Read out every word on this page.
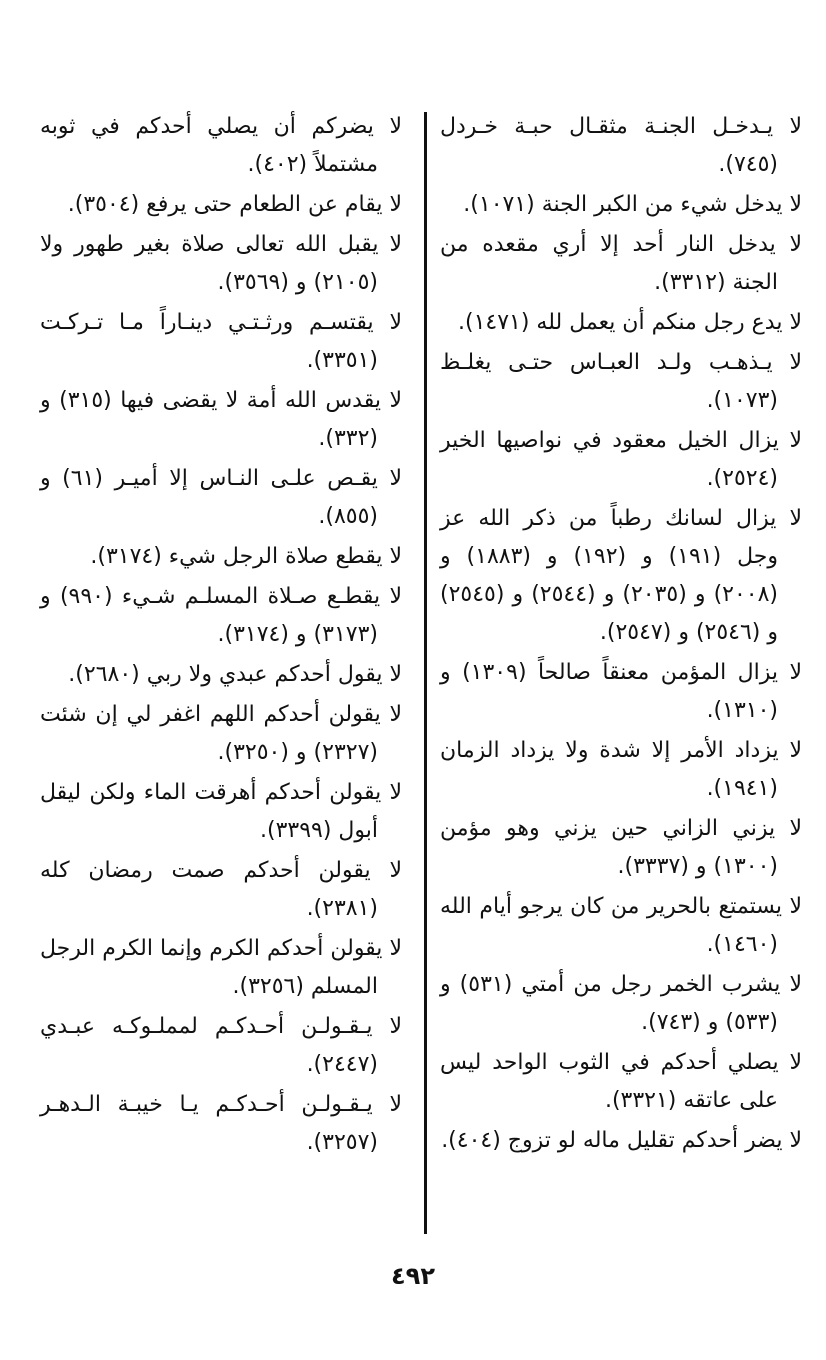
لا يـدخـل الجنـة مثقـال حبـة خـردل (٧٤٥).

لا يدخل شيء من الكبر الجنة (١٠٧١).

لا يدخل النار أحد إلا أري مقعده من الجنة (٣٣١٢).

لا يدع رجل منكم أن يعمل لله (١٤٧١).

لا يـذهـب ولـد العبـاس حتـى يغلـظ (١٠٧٣).

لا يزال الخيل معقود في نواصيها الخير (٢٥٢٤).

لا يزال لسانك رطباً من ذكر الله عز وجل (١٩١) و (١٩٢) و (١٨٨٣) و (٢٠٠٨) و (٢٠٣٥) و (٢٥٤٤) و (٢٥٤٥) و (٢٥٤٦) و (٢٥٤٧).

لا يزال المؤمن معنقاً صالحاً (١٣٠٩) و (١٣١٠).

لا يزداد الأمر إلا شدة ولا يزداد الزمان (١٩٤١).

لا يزني الزاني حين يزني وهو مؤمن (١٣٠٠) و (٣٣٣٧).

لا يستمتع بالحرير من كان يرجو أيام الله (١٤٦٠).

لا يشرب الخمر رجل من أمتي (٥٣١) و (٥٣٣) و (٧٤٣).

لا يصلي أحدكم في الثوب الواحد ليس على عاتقه (٣٣٢١).

لا يضر أحدكم تقليل ماله لو تزوج (٤٠٤).

لا يضركم أن يصلي أحدكم في ثوبه مشتملاً (٤٠٢).

لا يقام عن الطعام حتى يرفع (٣٥٠٤).

لا يقبل الله تعالى صلاة بغير طهور ولا (٢١٠٥) و (٣٥٦٩).

لا يقتسـم ورثـتـي دينـاراً مـا تـركـت (٣٣٥١).

لا يقدس الله أمة لا يقضى فيها (٣١٥) و (٣٣٢).

لا يقـص علـى النـاس إلا أميـر (٦١) و (٨٥٥).

لا يقطع صلاة الرجل شيء (٣١٧٤).

لا يقطـع صـلاة المسلـم شـيء (٩٩٠) و (٣١٧٣) و (٣١٧٤).

لا يقول أحدكم عبدي ولا ربي (٢٦٨٠).

لا يقولن أحدكم اللهم اغفر لي إن شئت (٢٣٢٧) و (٣٢٥٠).

لا يقولن أحدكم أهرقت الماء ولكن ليقل أبول (٣٣٩٩).

لا يقولن أحدكم صمت رمضان كله (٢٣٨١).

لا يقولن أحدكم الكرم وإنما الكرم الرجل المسلم (٣٢٥٦).

لا يـقـولـن أحـدكـم لمملـوكـه عبـدي (٢٤٤٧).

لا يـقـولـن أحـدكـم يـا خيبـة الـدهـر (٣٢٥٧).

٤٩٢
